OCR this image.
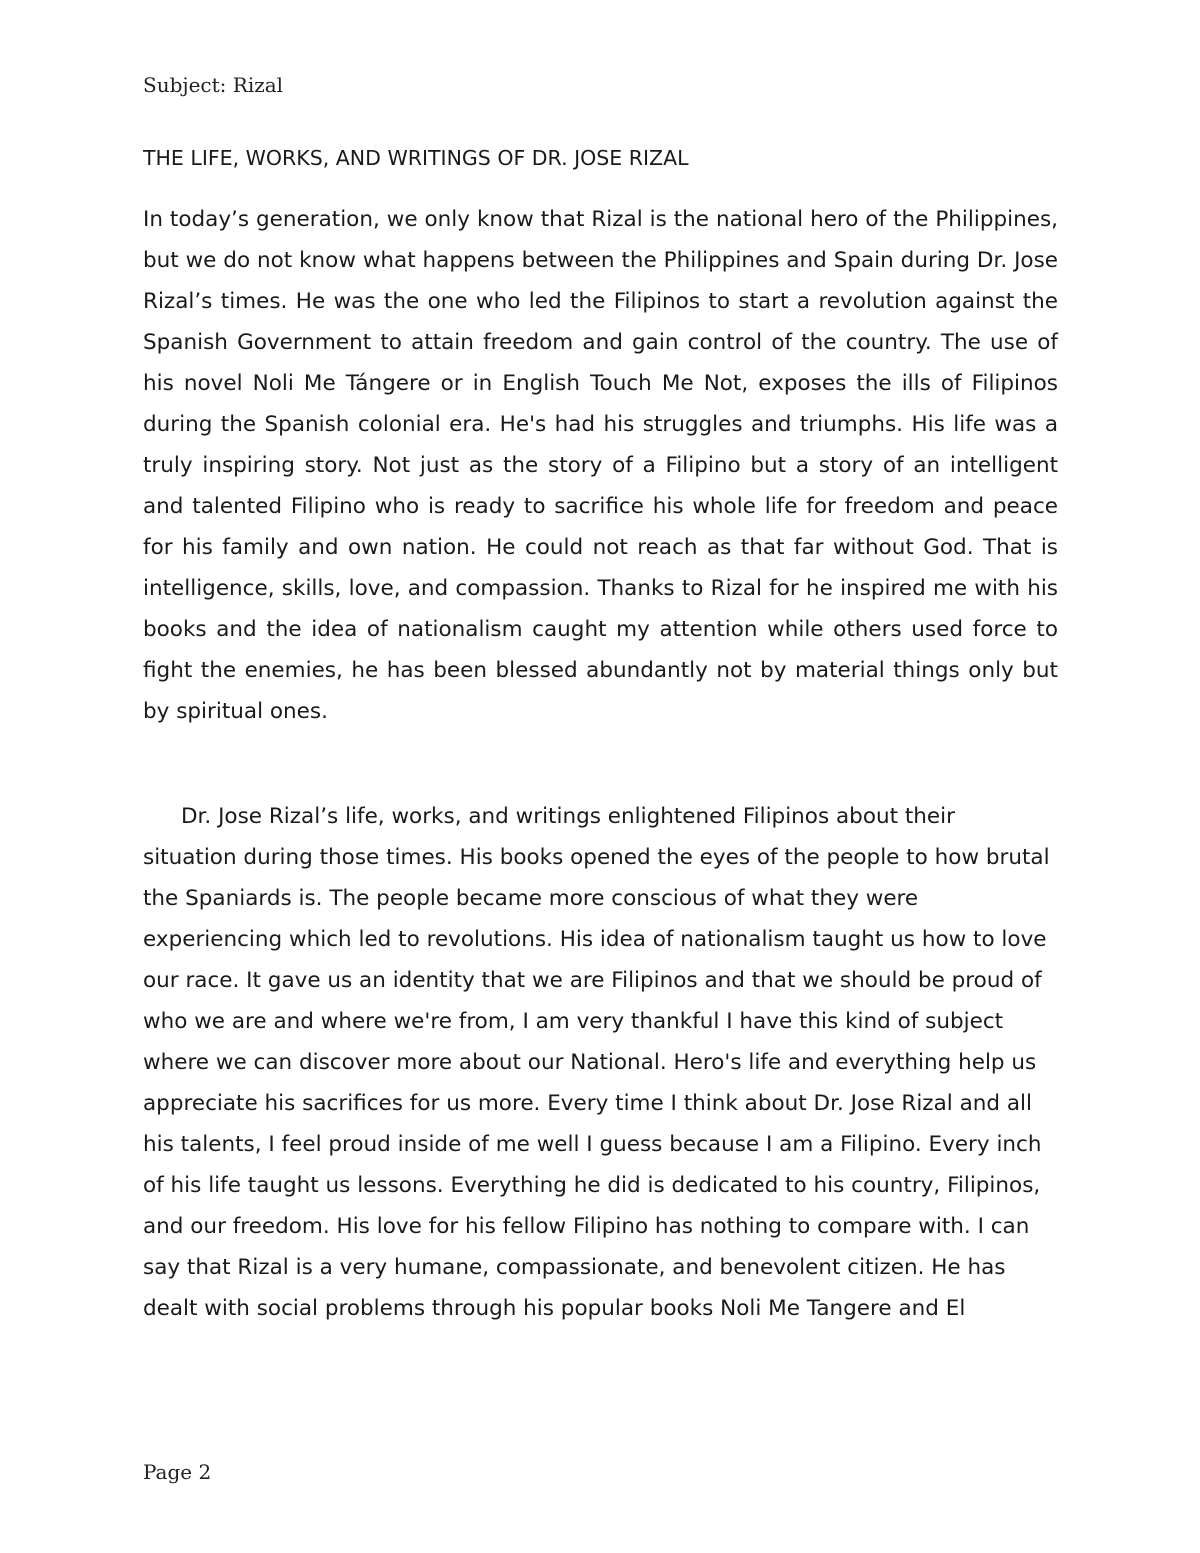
Subject: Rizal
THE LIFE, WORKS, AND WRITINGS OF DR. JOSE RIZAL

In today’s generation, we only know that Rizal is the national hero of the Philippines, but we do not know what happens between the Philippines and Spain during Dr. Jose Rizal’s times. He was the one who led the Filipinos to start a revolution against the Spanish Government to attain freedom and gain control of the country. The use of his novel Noli Me Tángere or in English Touch Me Not, exposes the ills of Filipinos during the Spanish colonial era. He's had his struggles and triumphs. His life was a truly inspiring story. Not just as the story of a Filipino but a story of an intelligent and talented Filipino who is ready to sacrifice his whole life for freedom and peace for his family and own nation. He could not reach as that far without God. That is intelligence, skills, love, and compassion. Thanks to Rizal for he inspired me with his books and the idea of nationalism caught my attention while others used force to fight the enemies, he has been blessed abundantly not by material things only but by spiritual ones.

Dr. Jose Rizal’s life, works, and writings enlightened Filipinos about their situation during those times. His books opened the eyes of the people to how brutal the Spaniards is. The people became more conscious of what they were experiencing which led to revolutions. His idea of nationalism taught us how to love our race. It gave us an identity that we are Filipinos and that we should be proud of who we are and where we're from, I am very thankful I have this kind of subject where we can discover more about our National. Hero's life and everything help us appreciate his sacrifices for us more. Every time I think about Dr. Jose Rizal and all his talents, I feel proud inside of me well I guess because I am a Filipino. Every inch of his life taught us lessons. Everything he did is dedicated to his country, Filipinos, and our freedom. His love for his fellow Filipino has nothing to compare with. I can say that Rizal is a very humane, compassionate, and benevolent citizen. He has dealt with social problems through his popular books Noli Me Tangere and El

Page 2
